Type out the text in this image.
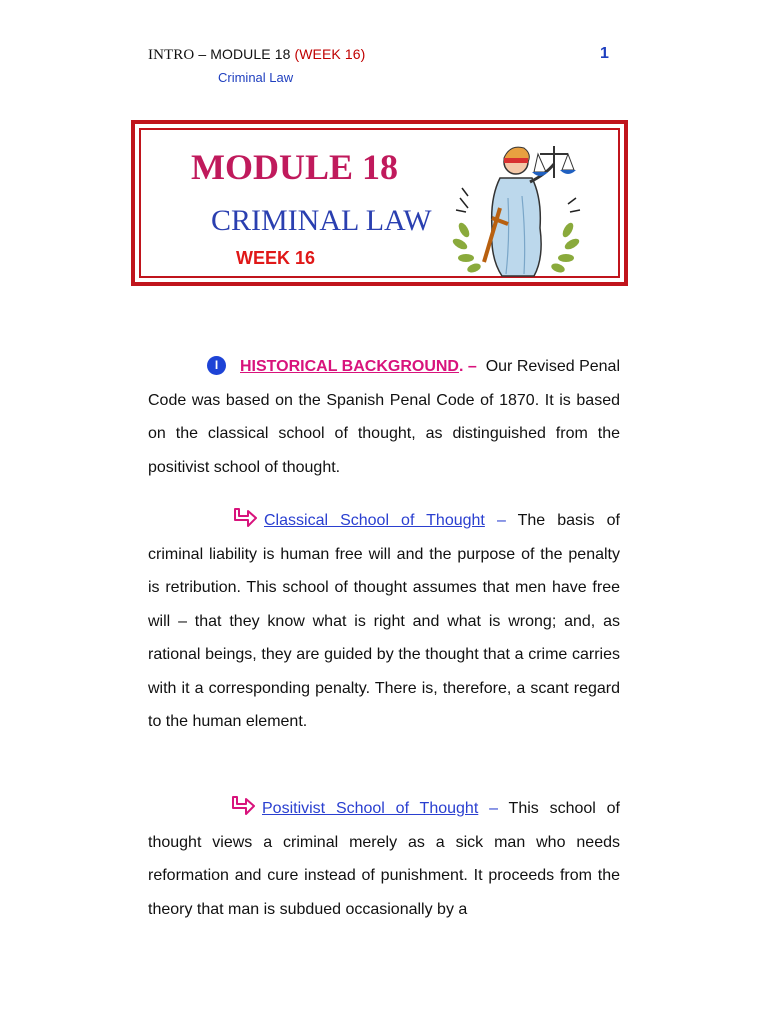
INTRO – MODULE 18 (WEEK 16)	1
Criminal Law
MODULE 18
CRIMINAL LAW
WEEK 16
I HISTORICAL BACKGROUND. – Our Revised Penal Code was based on the Spanish Penal Code of 1870. It is based on the classical school of thought, as distinguished from the positivist school of thought.
Classical School of Thought – The basis of criminal liability is human free will and the purpose of the penalty is retribution. This school of thought assumes that men have free will – that they know what is right and what is wrong; and, as rational beings, they are guided by the thought that a crime carries with it a corresponding penalty. There is, therefore, a scant regard to the human element.
Positivist School of Thought – This school of thought views a criminal merely as a sick man who needs reformation and cure instead of punishment. It proceeds from the theory that man is subdued occasionally by a
